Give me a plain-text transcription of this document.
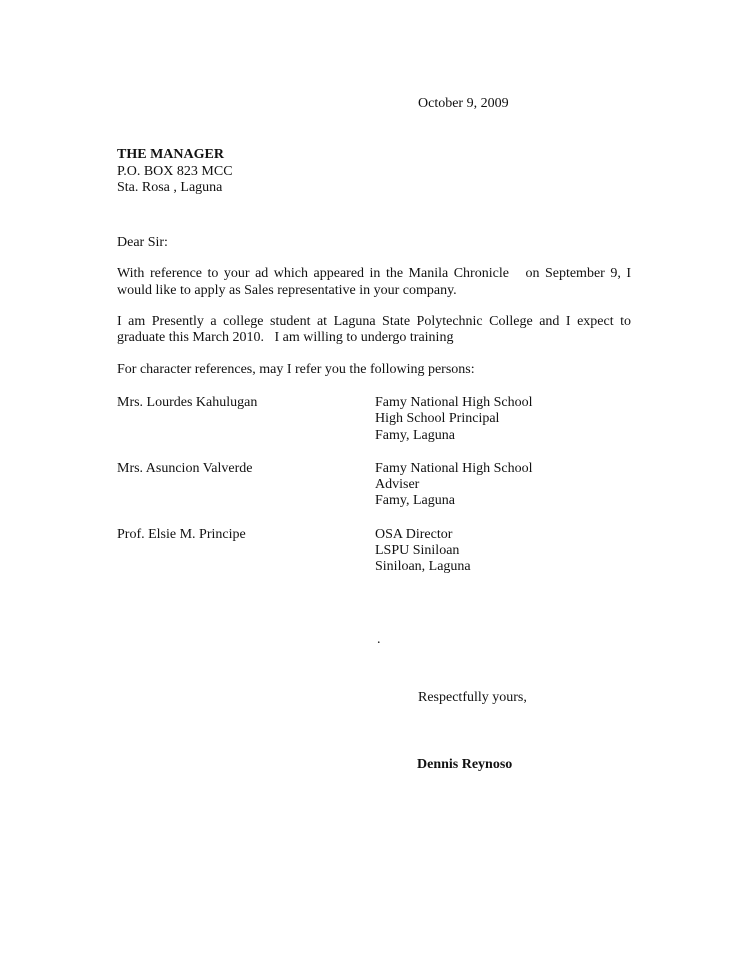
October 9, 2009
THE MANAGER
P.O. BOX 823 MCC
Sta. Rosa , Laguna
Dear Sir:

With reference to your ad which appeared in the Manila Chronicle   on September 9, I would like to apply as Sales representative in your company.

I am Presently a college student at Laguna State Polytechnic College and I expect to graduate this March 2010.   I am willing to undergo training

For character references, may I refer you the following persons:

Mrs. Lourdes Kahulugan	Famy National High School
High School Principal
Famy, Laguna
Mrs. Asuncion Valverde	Famy National High School
Adviser
Famy, Laguna
Prof. Elsie M. Principe	OSA Director
LSPU Siniloan
Siniloan, Laguna
.
Respectfully yours,
Dennis Reynoso
